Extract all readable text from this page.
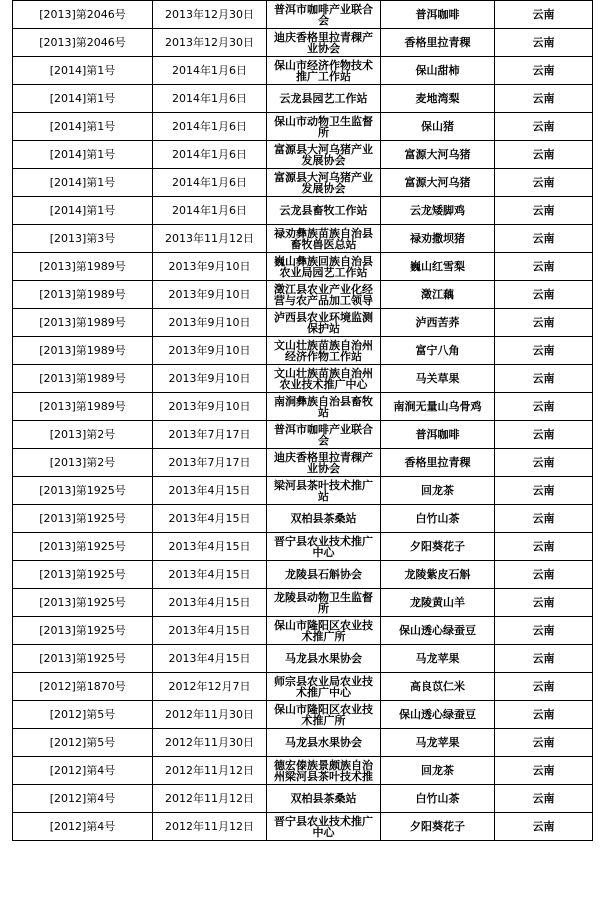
[2013]第2046号	2013年12月30日	普洱市咖啡产业联合会	普洱咖啡	云南
[2013]第2046号	2013年12月30日	迪庆香格里拉青稞产业协会	香格里拉青稞	云南
[2014]第1号	2014年1月6日	保山市经济作物技术推广工作站	保山甜柿	云南
[2014]第1号	2014年1月6日	云龙县园艺工作站	麦地湾梨	云南
[2014]第1号	2014年1月6日	保山市动物卫生监督所	保山猪	云南
[2014]第1号	2014年1月6日	富源县大河乌猪产业发展协会	富源大河乌猪	云南
[2014]第1号	2014年1月6日	富源县大河乌猪产业发展协会	富源大河乌猪	云南
[2014]第1号	2014年1月6日	云龙县畜牧工作站	云龙矮脚鸡	云南
[2013]第3号	2013年11月12日	禄劝彝族苗族自治县畜牧兽医总站	禄劝撒坝猪	云南
[2013]第1989号	2013年9月10日	巍山彝族回族自治县农业局园艺工作站	巍山红雪梨	云南
[2013]第1989号	2013年9月10日	澂江县农业产业化经营与农产品加工领导	澂江藕	云南
[2013]第1989号	2013年9月10日	泸西县农业环境监测保护站	泸西苦荞	云南
[2013]第1989号	2013年9月10日	文山壮族苗族自治州经济作物工作站	富宁八角	云南
[2013]第1989号	2013年9月10日	文山壮族苗族自治州农业技术推广中心	马关草果	云南
[2013]第1989号	2013年9月10日	南涧彝族自治县畜牧站	南涧无量山乌骨鸡	云南
[2013]第2号	2013年7月17日	普洱市咖啡产业联合会	普洱咖啡	云南
[2013]第2号	2013年7月17日	迪庆香格里拉青稞产业协会	香格里拉青稞	云南
[2013]第1925号	2013年4月15日	梁河县茶叶技术推广站	回龙茶	云南
[2013]第1925号	2013年4月15日	双柏县茶桑站	白竹山茶	云南
[2013]第1925号	2013年4月15日	晋宁县农业技术推广中心	夕阳葵花子	云南
[2013]第1925号	2013年4月15日	龙陵县石斛协会	龙陵紫皮石斛	云南
[2013]第1925号	2013年4月15日	龙陵县动物卫生监督所	龙陵黄山羊	云南
[2013]第1925号	2013年4月15日	保山市隆阳区农业技术推广所	保山透心绿蚕豆	云南
[2013]第1925号	2013年4月15日	马龙县水果协会	马龙苹果	云南
[2012]第1870号	2012年12月7日	师宗县农业局农业技术推广中心	高良苡仁米	云南
[2012]第5号	2012年11月30日	保山市隆阳区农业技术推广所	保山透心绿蚕豆	云南
[2012]第5号	2012年11月30日	马龙县水果协会	马龙苹果	云南
[2012]第4号	2012年11月12日	德宏傣族景颇族自治州梁河县茶叶技术推	回龙茶	云南
[2012]第4号	2012年11月12日	双柏县茶桑站	白竹山茶	云南
[2012]第4号	2012年11月12日	晋宁县农业技术推广中心	夕阳葵花子	云南
